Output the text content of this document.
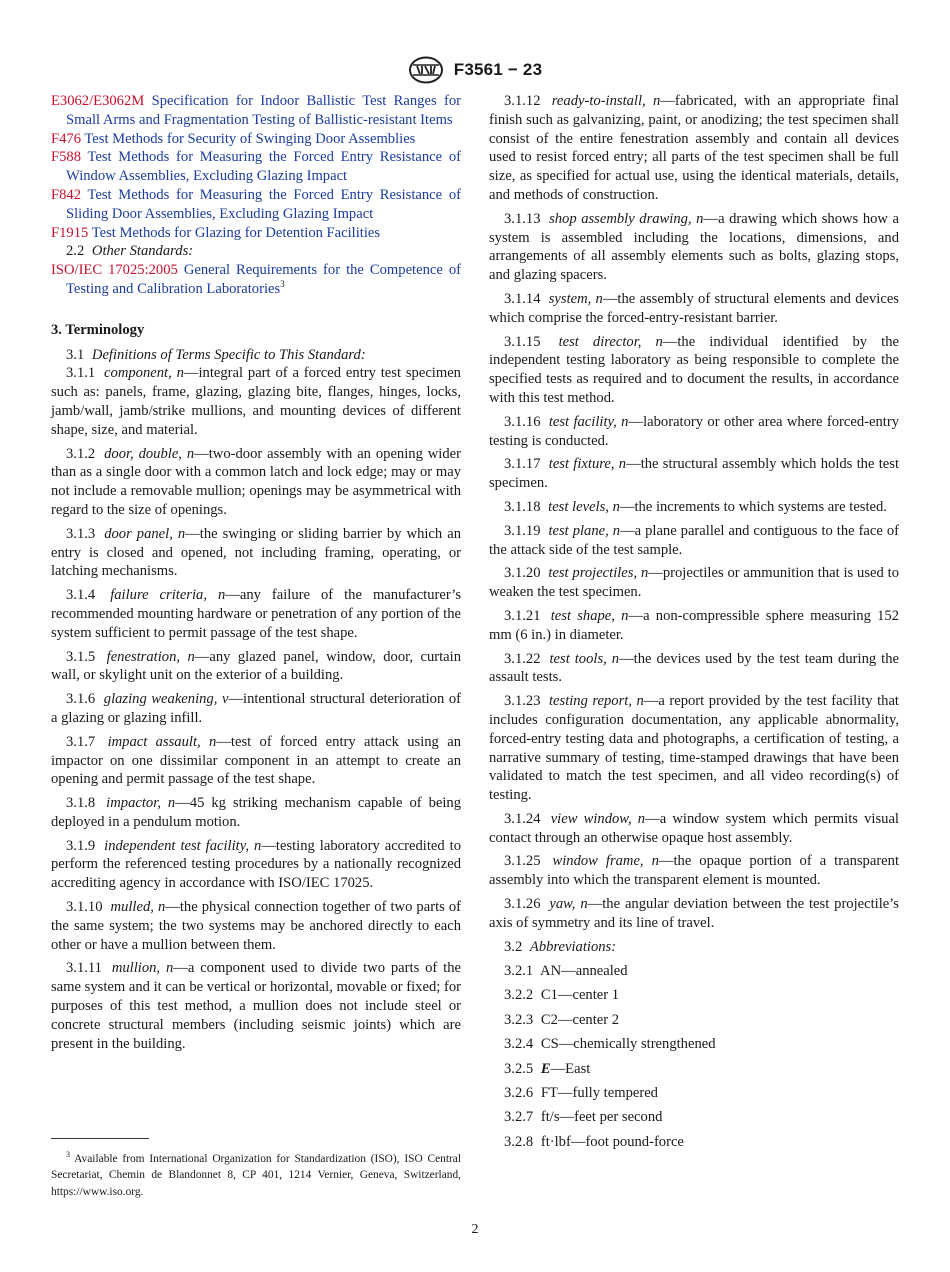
F3561 − 23

E3062/E3062M Specification for Indoor Ballistic Test Ranges for Small Arms and Fragmentation Testing of Ballistic-resistant Items

F476 Test Methods for Security of Swinging Door Assemblies

F588 Test Methods for Measuring the Forced Entry Resistance of Window Assemblies, Excluding Glazing Impact

F842 Test Methods for Measuring the Forced Entry Resistance of Sliding Door Assemblies, Excluding Glazing Impact

F1915 Test Methods for Glazing for Detention Facilities

2.2 Other Standards:

ISO/IEC 17025:2005 General Requirements for the Competence of Testing and Calibration Laboratories$^3$

3. Terminology

3.1 Definitions of Terms Specific to This Standard:

3.1.1 component, n—integral part of a forced entry test specimen such as: panels, frame, glazing, glazing bite, flanges, hinges, locks, jamb/wall, jamb/strike mullions, and mounting devices of different shape, size, and material.

3.1.2 door, double, n—two-door assembly with an opening wider than as a single door with a common latch and lock edge; may or may not include a removable mullion; openings may be asymmetrical with regard to the size of openings.

3.1.3 door panel, n—the swinging or sliding barrier by which an entry is closed and opened, not including framing, operating, or latching mechanisms.

3.1.4 failure criteria, n—any failure of the manufacturer’s recommended mounting hardware or penetration of any portion of the system sufficient to permit passage of the test shape.

3.1.5 fenestration, n—any glazed panel, window, door, curtain wall, or skylight unit on the exterior of a building.

3.1.6 glazing weakening, v—intentional structural deterioration of a glazing or glazing infill.

3.1.7 impact assault, n—test of forced entry attack using an impactor on one dissimilar component in an attempt to create an opening and permit passage of the test shape.

3.1.8 impactor, n—45 kg striking mechanism capable of being deployed in a pendulum motion.

3.1.9 independent test facility, n—testing laboratory accredited to perform the referenced testing procedures by a nationally recognized accrediting agency in accordance with ISO/IEC 17025.

3.1.10 mulled, n—the physical connection together of two parts of the same system; the two systems may be anchored directly to each other or have a mullion between them.

3.1.11 mullion, n—a component used to divide two parts of the same system and it can be vertical or horizontal, movable or fixed; for purposes of this test method, a mullion does not include steel or concrete structural members (including seismic joints) which are present in the building.

3.1.12 ready-to-install, n—fabricated, with an appropriate final finish such as galvanizing, paint, or anodizing; the test specimen shall consist of the entire fenestration assembly and contain all devices used to resist forced entry; all parts of the test specimen shall be full size, as specified for actual use, using the identical materials, details, and methods of construction.

3.1.13 shop assembly drawing, n—a drawing which shows how a system is assembled including the locations, dimensions, and arrangements of all assembly elements such as bolts, glazing stops, and glazing spacers.

3.1.14 system, n—the assembly of structural elements and devices which comprise the forced-entry-resistant barrier.

3.1.15 test director, n—the individual identified by the independent testing laboratory as being responsible to complete the specified tests as required and to document the results, in accordance with this test method.

3.1.16 test facility, n—laboratory or other area where forced-entry testing is conducted.

3.1.17 test fixture, n—the structural assembly which holds the test specimen.

3.1.18 test levels, n—the increments to which systems are tested.

3.1.19 test plane, n—a plane parallel and contiguous to the face of the attack side of the test sample.

3.1.20 test projectiles, n—projectiles or ammunition that is used to weaken the test specimen.

3.1.21 test shape, n—a non-compressible sphere measuring 152 mm (6 in.) in diameter.

3.1.22 test tools, n—the devices used by the test team during the assault tests.

3.1.23 testing report, n—a report provided by the test facility that includes configuration documentation, any applicable abnormality, forced-entry testing data and photographs, a certification of testing, a narrative summary of testing, time-stamped drawings that have been validated to match the test specimen, and all video recording(s) of testing.

3.1.24 view window, n—a window system which permits visual contact through an otherwise opaque host assembly.

3.1.25 window frame, n—the opaque portion of a transparent assembly into which the transparent element is mounted.

3.1.26 yaw, n—the angular deviation between the test projectile’s axis of symmetry and its line of travel.

3.2 Abbreviations:

3.2.1 AN—annealed

3.2.2 C1—center 1

3.2.3 C2—center 2

3.2.4 CS—chemically strengthened

3.2.5 E—East

3.2.6 FT—fully tempered

3.2.7 ft/s—feet per second

3.2.8 ft·lbf—foot pound-force

$^3$ Available from International Organization for Standardization (ISO), ISO Central Secretariat, Chemin de Blandonnet 8, CP 401, 1214 Vernier, Geneva, Switzerland, https://www.iso.org.
2
